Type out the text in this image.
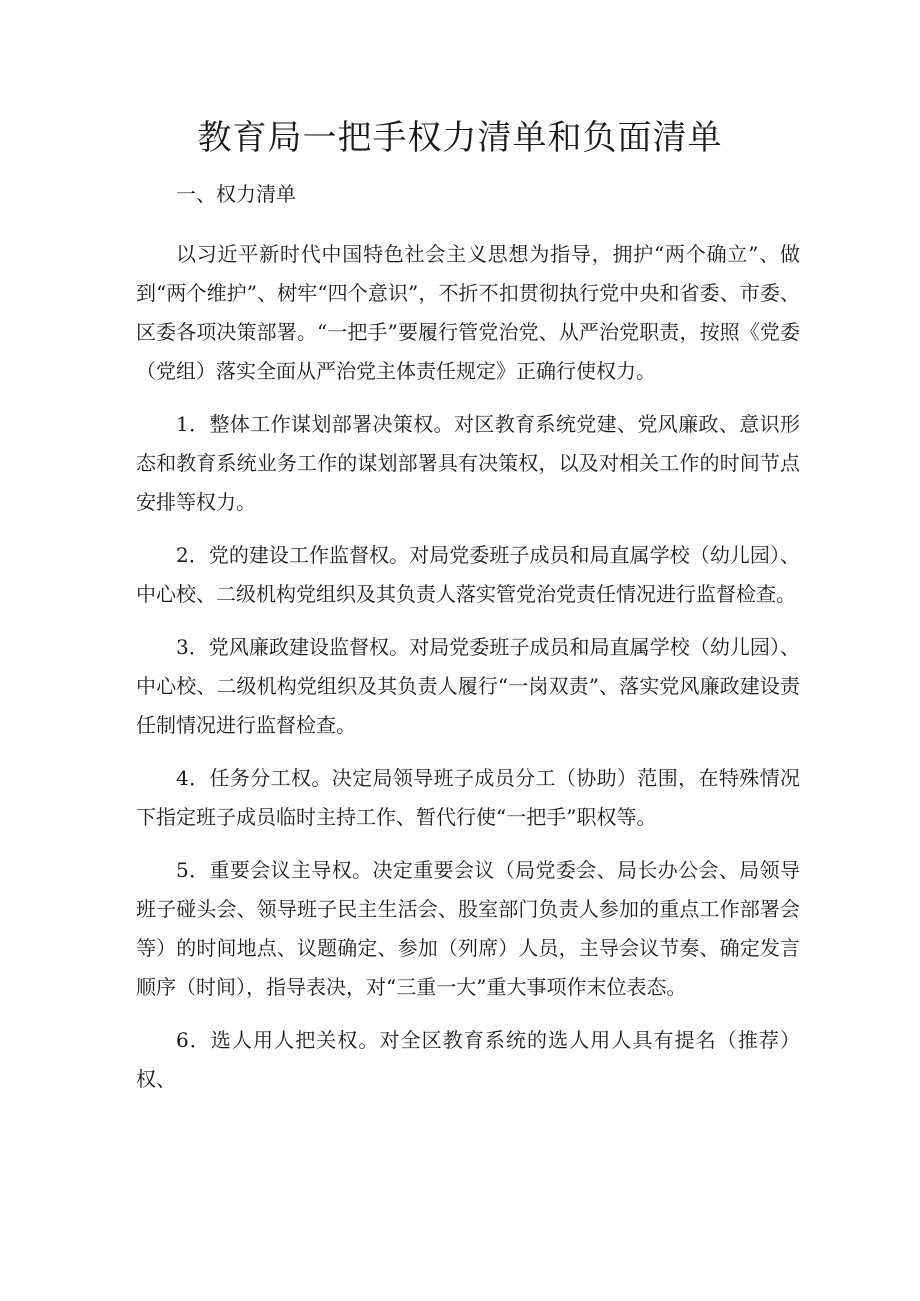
教育局一把手权力清单和负面清单
一、权力清单

以习近平新时代中国特色社会主义思想为指导，拥护“两个确立”、做到“两个维护”、树牢“四个意识”，不折不扣贯彻执行党中央和省委、市委、区委各项决策部署。“一把手”要履行管党治党、从严治党职责，按照《党委（党组）落实全面从严治党主体责任规定》正确行使权力。

1．整体工作谋划部署决策权。对区教育系统党建、党风廉政、意识形态和教育系统业务工作的谋划部署具有决策权，以及对相关工作的时间节点安排等权力。

2．党的建设工作监督权。对局党委班子成员和局直属学校（幼儿园）、中心校、二级机构党组织及其负责人落实管党治党责任情况进行监督检查。

3．党风廉政建设监督权。对局党委班子成员和局直属学校（幼儿园）、中心校、二级机构党组织及其负责人履行“一岗双责”、落实党风廉政建设责任制情况进行监督检查。

4．任务分工权。决定局领导班子成员分工（协助）范围，在特殊情况下指定班子成员临时主持工作、暂代行使“一把手”职权等。

5．重要会议主导权。决定重要会议（局党委会、局长办公会、局领导班子碰头会、领导班子民主生活会、股室部门负责人参加的重点工作部署会等）的时间地点、议题确定、参加（列席）人员，主导会议节奏、确定发言顺序（时间），指导表决，对“三重一大”重大事项作末位表态。

6．选人用人把关权。对全区教育系统的选人用人具有提名（推荐）权、
